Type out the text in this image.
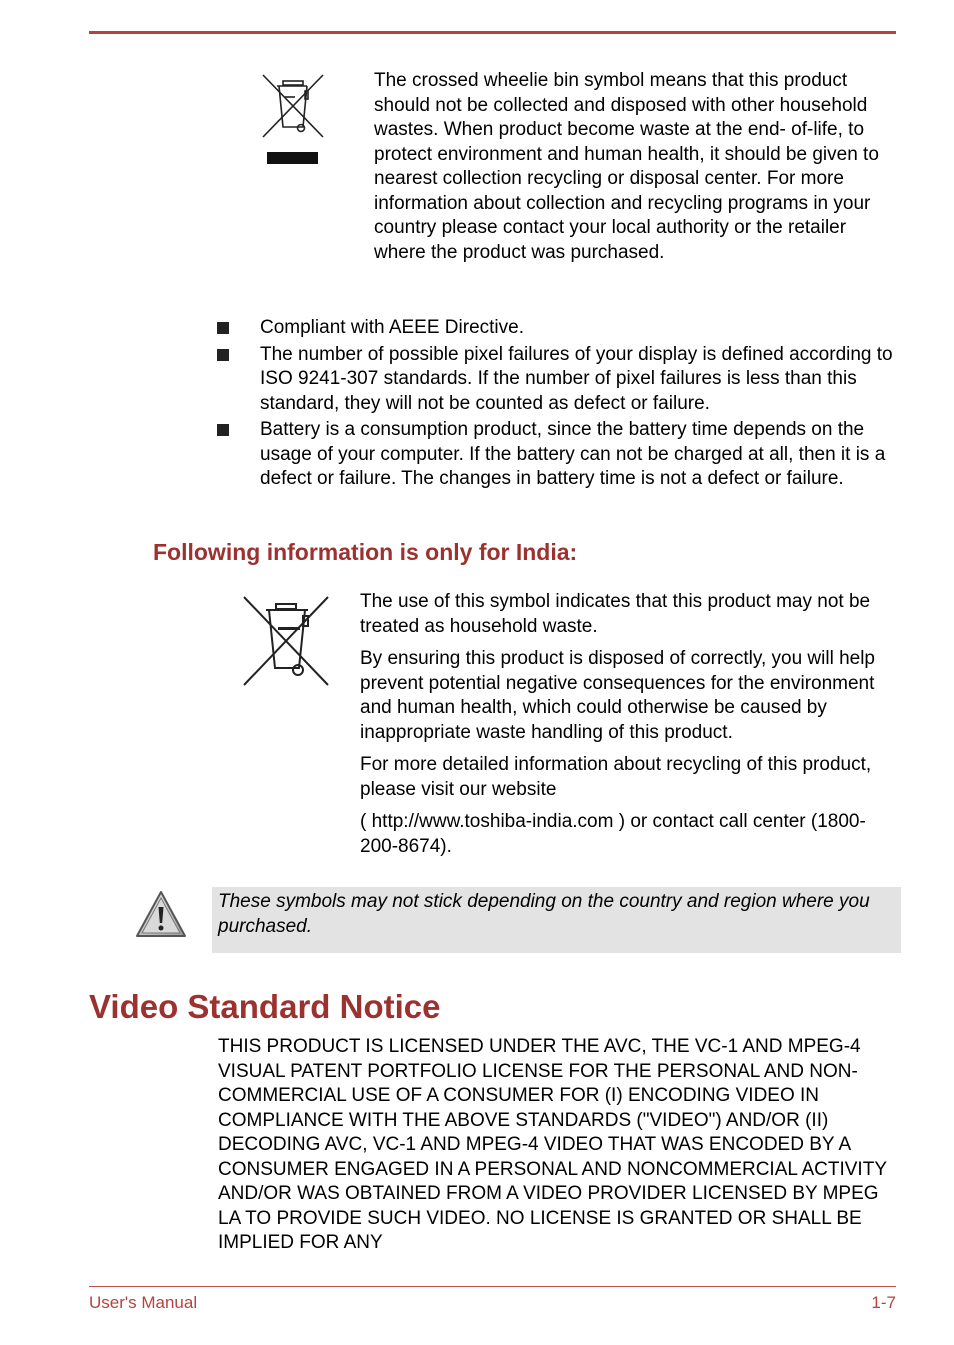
The crossed wheelie bin symbol means that this product should not be collected and disposed with other household wastes. When product become waste at the end- of-life, to protect environment and human health, it should be given to nearest collection recycling or disposal center. For more information about collection and recycling programs in your country please contact your local authority or the retailer where the product was purchased.
Compliant with AEEE Directive.
The number of possible pixel failures of your display is defined according to ISO 9241-307 standards. If the number of pixel failures is less than this standard, they will not be counted as defect or failure.
Battery is a consumption product, since the battery time depends on the usage of your computer. If the battery can not be charged at all, then it is a defect or failure. The changes in battery time is not a defect or failure.
Following information is only for India:

The use of this symbol indicates that this product may not be treated as household waste.

By ensuring this product is disposed of correctly, you will help prevent potential negative consequences for the environment and human health, which could otherwise be caused by inappropriate waste handling of this product.

For more detailed information about recycling of this product, please visit our website

( http://www.toshiba-india.com ) or contact call center (1800-200-8674).

These symbols may not stick depending on the country and region where you purchased.
Video Standard Notice
THIS PRODUCT IS LICENSED UNDER THE AVC, THE VC-1 AND MPEG-4 VISUAL PATENT PORTFOLIO LICENSE FOR THE PERSONAL AND NON-COMMERCIAL USE OF A CONSUMER FOR (I) ENCODING VIDEO IN COMPLIANCE WITH THE ABOVE STANDARDS ("VIDEO") AND/OR (II) DECODING AVC, VC-1 AND MPEG-4 VIDEO THAT WAS ENCODED BY A CONSUMER ENGAGED IN A PERSONAL AND NONCOMMERCIAL ACTIVITY AND/OR WAS OBTAINED FROM A VIDEO PROVIDER LICENSED BY MPEG LA TO PROVIDE SUCH VIDEO. NO LICENSE IS GRANTED OR SHALL BE IMPLIED FOR ANY
User's Manual	1-7
